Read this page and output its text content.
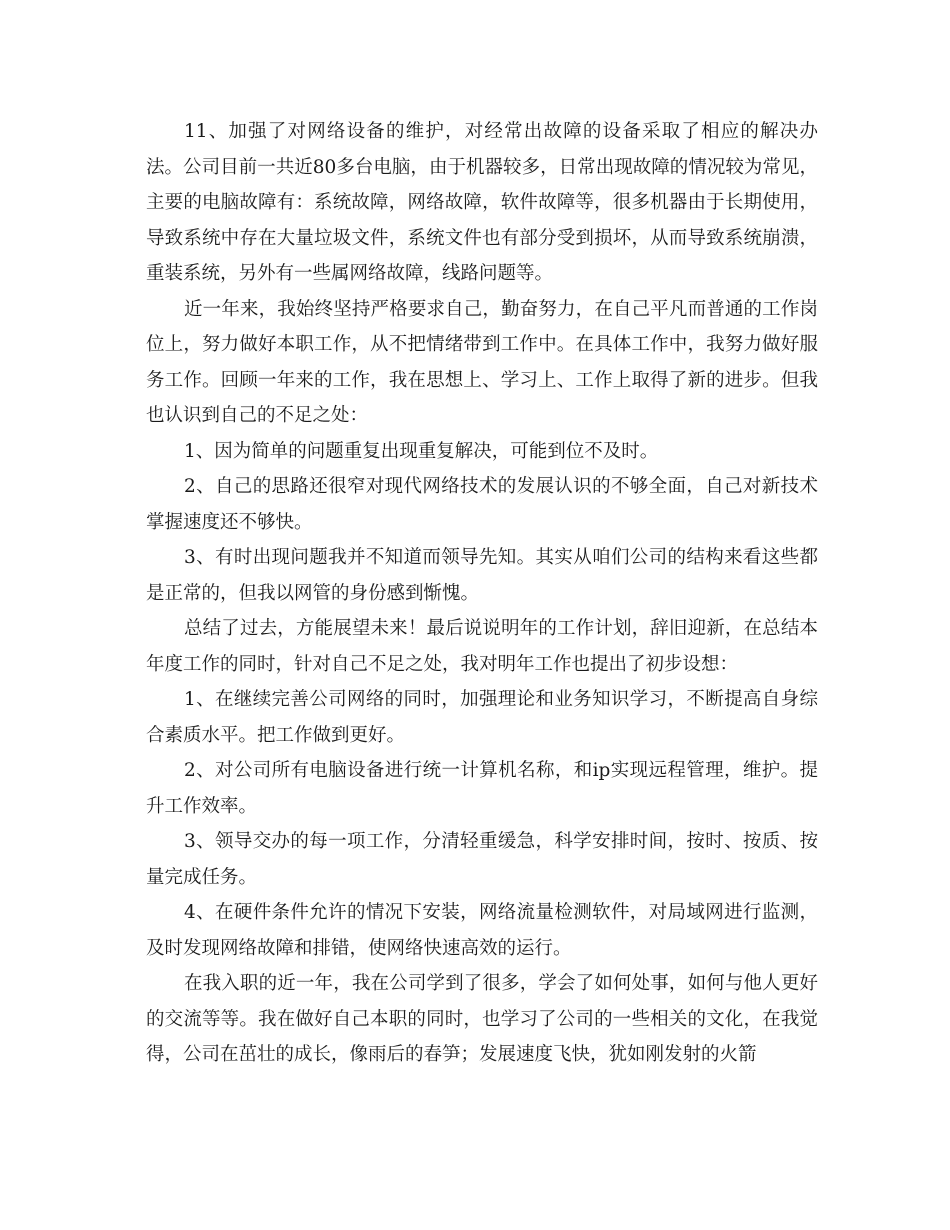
11、加强了对网络设备的维护，对经常出故障的设备采取了相应的解决办法。公司目前一共近80多台电脑，由于机器较多，日常出现故障的情况较为常见，主要的电脑故障有：系统故障，网络故障，软件故障等，很多机器由于长期使用，导致系统中存在大量垃圾文件，系统文件也有部分受到损坏，从而导致系统崩溃，重装系统，另外有一些属网络故障，线路问题等。

近一年来，我始终坚持严格要求自己，勤奋努力，在自己平凡而普通的工作岗位上，努力做好本职工作，从不把情绪带到工作中。在具体工作中，我努力做好服务工作。回顾一年来的工作，我在思想上、学习上、工作上取得了新的进步。但我也认识到自己的不足之处：

1、因为简单的问题重复出现重复解决，可能到位不及时。

2、自己的思路还很窄对现代网络技术的发展认识的不够全面，自己对新技术掌握速度还不够快。

3、有时出现问题我并不知道而领导先知。其实从咱们公司的结构来看这些都是正常的，但我以网管的身份感到惭愧。

总结了过去，方能展望未来！最后说说明年的工作计划，辞旧迎新，在总结本年度工作的同时，针对自己不足之处，我对明年工作也提出了初步设想：

1、在继续完善公司网络的同时，加强理论和业务知识学习，不断提高自身综合素质水平。把工作做到更好。

2、对公司所有电脑设备进行统一计算机名称，和ip实现远程管理，维护。提升工作效率。

3、领导交办的每一项工作，分清轻重缓急，科学安排时间，按时、按质、按量完成任务。

4、在硬件条件允许的情况下安装，网络流量检测软件，对局域网进行监测，及时发现网络故障和排错，使网络快速高效的运行。

在我入职的近一年，我在公司学到了很多，学会了如何处事，如何与他人更好的交流等等。我在做好自己本职的同时，也学习了公司的一些相关的文化，在我觉得，公司在茁壮的成长，像雨后的春笋；发展速度飞快，犹如刚发射的火箭
